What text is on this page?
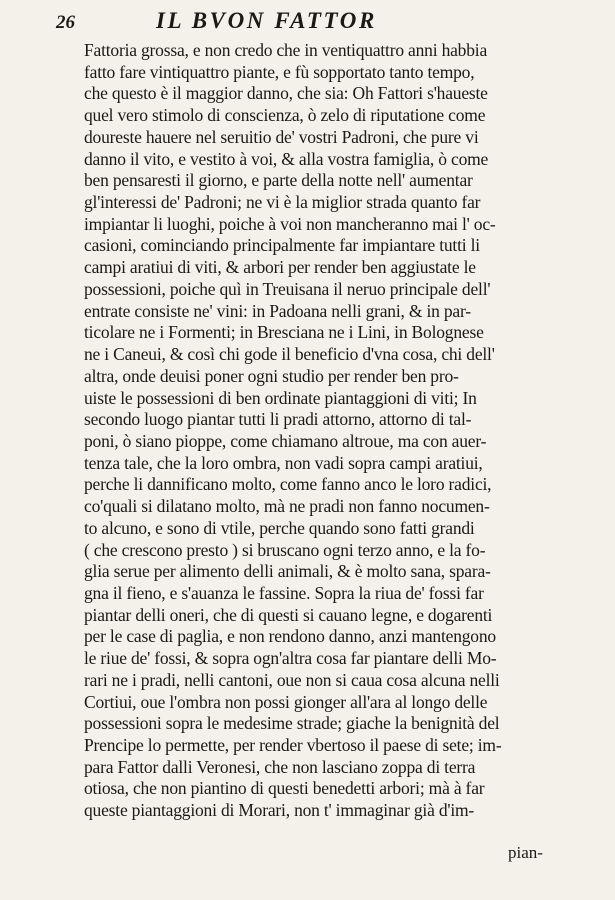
26	IL BVON FATTOR
Fattoria grossa, e non credo che in ventiquattro anni habbia
fatto fare vintiquattro piante, e fù sopportato tanto tempo,
che questo è il maggior danno, che sia: Oh Fattori s'haueste
quel vero stimolo di conscienza, ò zelo di riputatione come
doureste hauere nel seruitio de' vostri Padroni, che pure vi
danno il vito, e vestito à voi, & alla vostra famiglia, ò come
ben pensaresti il giorno, e parte della notte nell' aumentar
gl'interessi de' Padroni; ne vi è la miglior strada quanto far
impiantar li luoghi, poiche à voi non mancheranno mai l' oc-
casioni, cominciando principalmente far impiantare tutti li
campi aratiui di viti, & arbori per render ben aggiustate le
possessioni, poiche quì in Treuisana il neruo principale dell'
entrate consiste ne' vini: in Padoana nelli grani, & in par-
ticolare ne i Formenti; in Bresciana ne i Lini, in Bolognese
ne i Caneui, & così chi gode il beneficio d'vna cosa, chi dell'
altra, onde deuisi poner ogni studio per render ben pro-
uiste le possessioni di ben ordinate piantaggioni di viti; In
secondo luogo piantar tutti li pradi attorno, attorno di tal-
poni, ò siano pioppe, come chiamano altroue, ma con auer-
tenza tale, che la loro ombra, non vadi sopra campi aratiui,
perche li dannificano molto, come fanno anco le loro radici,
co'quali si dilatano molto, mà ne pradi non fanno nocumen-
to alcuno, e sono di vtile, perche quando sono fatti grandi
( che crescono presto ) si bruscano ogni terzo anno, e la fo-
glia serue per alimento delli animali, & è molto sana, spara-
gna il fieno, e s'auanza le fassine. Sopra la riua de' fossi far
piantar delli oneri, che di questi si cauano legne, e dogarenti
per le case di paglia, e non rendono danno, anzi mantengono
le riue de' fossi, & sopra ogn'altra cosa far piantare delli Mo-
rari ne i pradi, nelli cantoni, oue non si caua cosa alcuna nelli
Cortiui, oue l'ombra non possi gionger all'ara al longo delle
possessioni sopra le medesime strade; giache la benignità del
Prencipe lo permette, per render vbertoso il paese di sete; im-
para Fattor dalli Veronesi, che non lasciano zoppa di terra
otiosa, che non piantino di questi benedetti arbori; mà à far
queste piantaggioni di Morari, non t' immaginar già d'im-
pian-
